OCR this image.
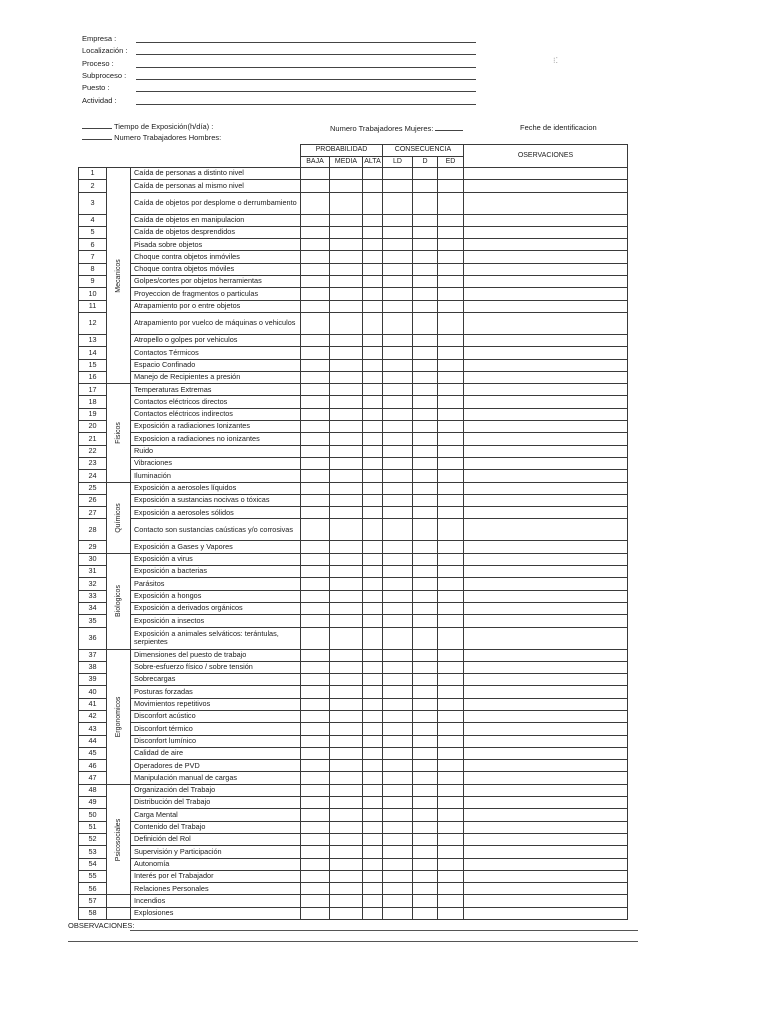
Empresa :
Localización :
Proceso :
Subproceso :
Puesto :
Actividad :
Tiempo de Exposición(h/día) :
Numero Trabajadores Hombres:
Numero Trabajadores Mujeres:	Feche de identificacion
⁝⁚
			PROBABILIDAD			CONSECUENCIA			OSERVACIONES
			BAJA	MEDIA	ALTA	LD	D	ED	
1	Mecanicos	Caída de personas a distinto nivel							
2		Caída de personas al mismo nivel							
3		Caída de objetos por desplome o derrumbamiento							
4		Caída de objetos en manipulacion							
5		Caída de objetos desprendidos							
6		Pisada sobre objetos							
7		Choque contra objetos inmóviles							
8		Choque contra objetos móviles							
9		Golpes/cortes por objetos herramientas							
10		Proyeccion de fragmentos o particulas							
11		Atrapamiento por o entre objetos							
12		Atrapamiento por vuelco de máquinas o vehiculos							
13		Atropello o golpes por vehiculos							
14		Contactos Térmicos							
15		Espacio Confinado							
16		Manejo de Recipientes a presión							
17	Fisicos	Temperaturas Extremas							
18		Contactos eléctricos directos							
19		Contactos eléctricos indirectos							
20		Exposición a radiaciones Ionizantes							
21		Exposicion a radiaciones no ionizantes							
22		Ruido							
23		Vibraciones							
24		Iluminación							
25	Químicos	Exposición a aerosoles líquidos							
26		Exposición a sustancias nocivas o tóxicas							
27		Exposición a aerosoles sólidos							
28		Contacto son sustancias caústicas y/o corrosivas							
29		Exposición a Gases y Vapores							
30	Biologicos	Exposición a virus							
31		Exposición a bacterias							
32		Parásitos							
33		Exposición a hongos							
34		Exposición a derivados orgánicos							
35		Exposición a insectos							
36		Exposición a animales selváticos: terántulas, serpientes							
37	Ergonomicos	Dimensiones del puesto de trabajo							
38		Sobre-esfuerzo físico / sobre tensión							
39		Sobrecargas							
40		Posturas forzadas							
41		Movimientos repetitivos							
42		Disconfort acústico							
43		Disconfort térmico							
44		Disconfort lumínico							
45		Calidad de aire							
46		Operadores de PVD							
47		Manipulación manual de cargas							
48	Psicosociales	Organización del Trabajo							
49		Distribución del Trabajo							
50		Carga Mental							
51		Contenido del Trabajo							
52		Definición del Rol							
53		Supervisión y Participación							
54		Autonomía							
55		Interés por el Trabajador							
56		Relaciones Personales							
57		Incendios							
58		Explosiones							
OBSERVACIONES:
